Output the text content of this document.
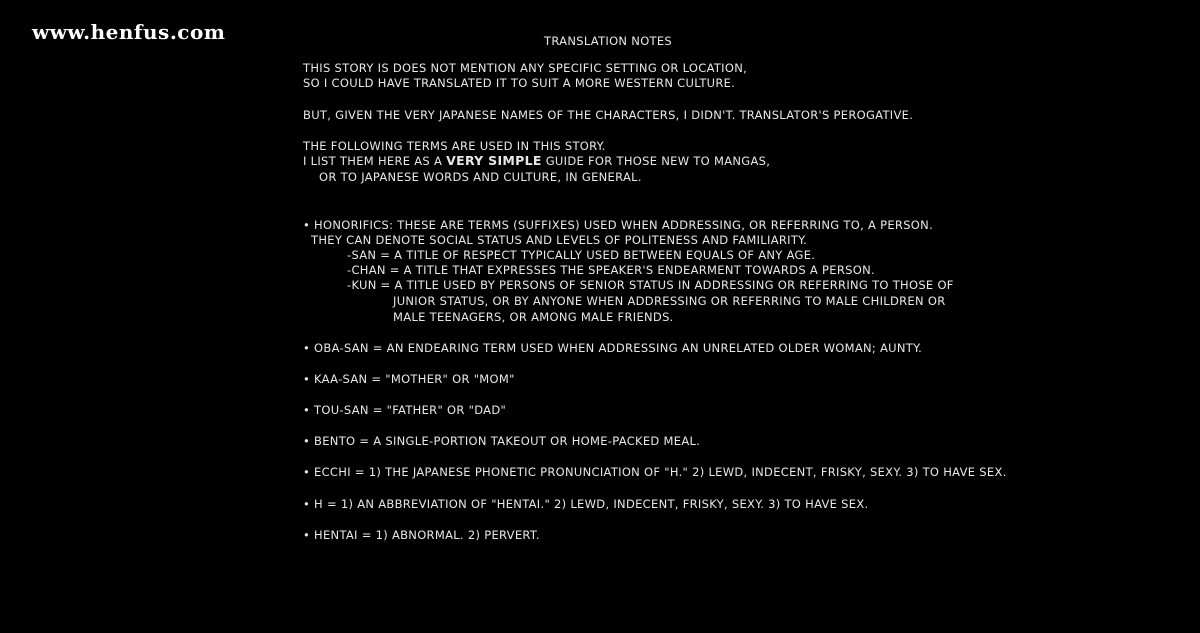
www.henfus.com	TRANSLATION NOTES
THIS STORY IS DOES NOT MENTION ANY SPECIFIC SETTING OR LOCATION,
SO I COULD HAVE TRANSLATED IT TO SUIT A MORE WESTERN CULTURE.
BUT, GIVEN THE VERY JAPANESE NAMES OF THE CHARACTERS, I DIDN'T. TRANSLATOR'S PEROGATIVE.
THE FOLLOWING TERMS ARE USED IN THIS STORY.
I LIST THEM HERE AS A VERY SIMPLE GUIDE FOR THOSE NEW TO MANGAS,
OR TO JAPANESE WORDS AND CULTURE, IN GENERAL.
• HONORIFICS: THESE ARE TERMS (SUFFIXES) USED WHEN ADDRESSING, OR REFERRING TO, A PERSON.
THEY CAN DENOTE SOCIAL STATUS AND LEVELS OF POLITENESS AND FAMILIARITY.
-SAN = A TITLE OF RESPECT TYPICALLY USED BETWEEN EQUALS OF ANY AGE.
-CHAN = A TITLE THAT EXPRESSES THE SPEAKER'S ENDEARMENT TOWARDS A PERSON.
-KUN = A TITLE USED BY PERSONS OF SENIOR STATUS IN ADDRESSING OR REFERRING TO THOSE OF
JUNIOR STATUS, OR BY ANYONE WHEN ADDRESSING OR REFERRING TO MALE CHILDREN OR
MALE TEENAGERS, OR AMONG MALE FRIENDS.
• OBA-SAN = AN ENDEARING TERM USED WHEN ADDRESSING AN UNRELATED OLDER WOMAN; AUNTY.
• KAA-SAN = "MOTHER" OR "MOM"
• TOU-SAN = "FATHER" OR "DAD"
• BENTO = A SINGLE-PORTION TAKEOUT OR HOME-PACKED MEAL.
• ECCHI = 1) THE JAPANESE PHONETIC PRONUNCIATION OF "H." 2) LEWD, INDECENT, FRISKY, SEXY. 3) TO HAVE SEX.
• H = 1) AN ABBREVIATION OF "HENTAI." 2) LEWD, INDECENT, FRISKY, SEXY. 3) TO HAVE SEX.
• HENTAI = 1) ABNORMAL. 2) PERVERT.
